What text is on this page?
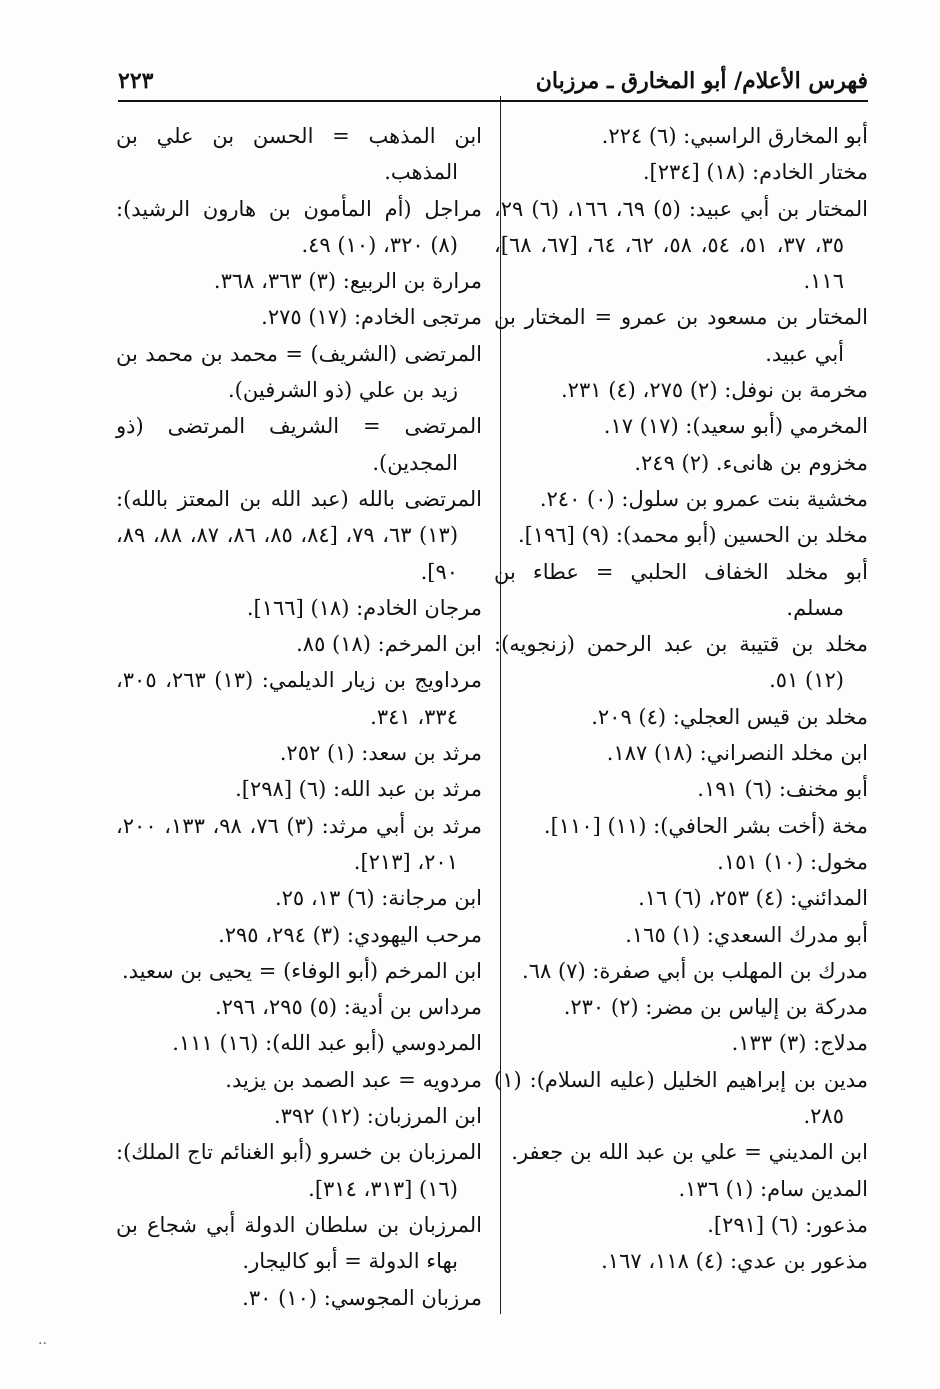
فهرس الأعلام/ أبو المخارق ـ مرزبان
٢٢٣
أبو المخارق الراسبي: (٦) ٢٢٤.
مختار الخادم: (١٨) [٢٣٤].
المختار بن أبي عبيد: (٥) ٦٩، ١٦٦، (٦) ٢٩، ٣٥، ٣٧، ٥١، ٥٤، ٥٨، ٦٢، ٦٤، [٦٧، ٦٨]، ١١٦.
المختار بن مسعود بن عمرو = المختار بن أبي عبيد.
مخرمة بن نوفل: (٢) ٢٧٥، (٤) ٢٣١.
المخرمي (أبو سعيد): (١٧) ١٧.
مخزوم بن هانىء. (٢) ٢٤٩.
مخشية بنت عمرو بن سلول: (٠) ٢٤٠.
مخلد بن الحسين (أبو محمد): (٩) [١٩٦].
أبو مخلد الخفاف الحلبي = عطاء بن مسلم.
مخلد بن قتيبة بن عبد الرحمن (زنجويه): (١٢) ٥١.
مخلد بن قيس العجلي: (٤) ٢٠٩.
ابن مخلد النصراني: (١٨) ١٨٧.
أبو مخنف: (٦) ١٩١.
مخة (أخت بشر الحافي): (١١) [١١٠].
مخول: (١٠) ١٥١.
المدائني: (٤) ٢٥٣، (٦) ١٦.
أبو مدرك السعدي: (١) ١٦٥.
مدرك بن المهلب بن أبي صفرة: (٧) ٦٨.
مدركة بن إلياس بن مضر: (٢) ٢٣٠.
مدلاج: (٣) ١٣٣.
مدين بن إبراهيم الخليل (عليه السلام): (١) ٢٨٥.
ابن المديني = علي بن عبد الله بن جعفر.
المدين سام: (١) ١٣٦.
مذعور: (٦) [٢٩١].
مذعور بن عدي: (٤) ١١٨، ١٦٧.
ابن المذهب = الحسن بن علي بن المذهب.
مراجل (أم المأمون بن هارون الرشيد): (٨) ٣٢٠، (١٠) ٤٩.
مرارة بن الربيع: (٣) ٣٦٣، ٣٦٨.
مرتجى الخادم: (١٧) ٢٧٥.
المرتضى (الشريف) = محمد بن محمد بن زيد بن علي (ذو الشرفين).
المرتضى = الشريف المرتضى (ذو المجدين).
المرتضى بالله (عبد الله بن المعتز بالله): (١٣) ٦٣، ٧٩، [٨٤، ٨٥، ٨٦، ٨٧، ٨٨، ٨٩، ٩٠].
مرجان الخادم: (١٨) [١٦٦].
ابن المرخم: (١٨) ٨٥.
مرداويج بن زيار الديلمي: (١٣) ٢٦٣، ٣٠٥، ٣٣٤، ٣٤١.
مرثد بن سعد: (١) ٢٥٢.
مرثد بن عبد الله: (٦) [٢٩٨].
مرثد بن أبي مرثد: (٣) ٧٦، ٩٨، ١٣٣، ٢٠٠، ٢٠١، [٢١٣].
ابن مرجانة: (٦) ١٣، ٢٥.
مرحب اليهودي: (٣) ٢٩٤، ٢٩٥.
ابن المرخم (أبو الوفاء) = يحيى بن سعيد.
مرداس بن أدية: (٥) ٢٩٥، ٢٩٦.
المردوسي (أبو عبد الله): (١٦) ١١١.
مردويه = عبد الصمد بن يزيد.
ابن المرزبان: (١٢) ٣٩٢.
المرزبان بن خسرو (أبو الغنائم تاج الملك): (١٦) [٣١٣، ٣١٤].
المرزبان بن سلطان الدولة أبي شجاع بن بهاء الدولة = أبو كاليجار.
مرزبان المجوسي: (١٠) ٣٠.
..
